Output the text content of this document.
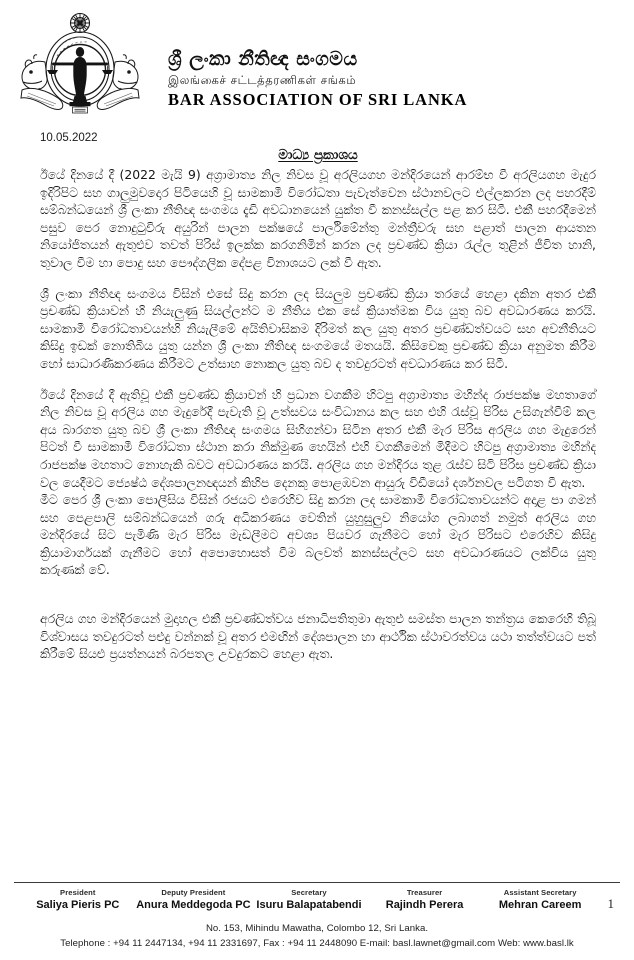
ශ්‍රී ලංකා නීතිඥ සංගමය
இலங்கைச் சட்டத்தரணிகள் சங்கம்
BAR ASSOCIATION OF SRI LANKA
10.05.2022
මාධ්‍ය ප්‍රකාශය

ඊයේ දිනයේ දී (2022 මැයි 9) අග්‍රාමාත්‍ය නිල නිවස වූ අරලියගහ මන්දිරයෙන් ආරම්භ වී අරලියගහ මැදුර ඉදිරිපිට සහ ගාලුමුවදොර පිටියෙහි වූ සාමකාමී විරෝධතා පැවැත්වෙන ස්ථානවලට එල්ලකරන ලද පහරදීම් සම්බන්ධයෙන් ශ්‍රී ලංකා නීතිඥ සංගමය දැඩි අවධානයෙන් යුක්ත වී කනස්සල්ල පළ කර සිටී. එකී පහරදීමෙන් පසුව පෙර නොදුටුවිරු අයුරින් පාලන පක්ෂයේ පාර්ලිමේන්තු මන්ත්‍රීවරු සහ පළාත් පාලන ආයතන නියෝජිතයන් ඇතුළුව තවත් පිරිස් ඉලක්ක කරගනිමින් කරන ලද ප්‍රචණ්ඩ ක්‍රියා රැල්ල තුළින් ජීවිත හානි, තුවාල වීම හා පොදු සහ පෞද්ගලික දේපළ විනාශයට ලක් වී ඇත.

ශ්‍රී ලංකා නීතිඥ සංගමය විසින් එසේ සිදු කරන ලද සියලුම ප්‍රචණ්ඩ ක්‍රියා තරයේ හෙළා දකින අතර එකී ප්‍රචණ්ඩ ක්‍රියාවන් හි නියැලුණු සියල්ලන්ට ම නීතිය එක සේ ක්‍රියාත්මක විය යුතු බව අවධාරණය කරයි. සාමකාමී විරෝධතාවයන්හි නියැලීමේ අයිතිවාසිකම දිරිමත් කල යුතු අතර ප්‍රචණ්ඩත්වයට සහ අවනීතියට කිසිදු ඉඩක් නොතිබිය යුතු යන්න ශ්‍රී ලංකා නීතිඥ සංගමයේ මතයයි. කිසිවෙකු ප්‍රචණ්ඩ ක්‍රියා අනුමත කිරීම හෝ සාධාරණීකරණය කිරීමට උත්සාහ නොකල යුතු බව ද තවදුරටත් අවධාරණය කර සිටී.

ඊයේ දිනයේ දී ඇතිවූ එකී ප්‍රචණ්ඩ ක්‍රියාවන් හි ප්‍රධාන වගකීම හිටපු අග්‍රාමාත්‍ය මහින්ද රාජපක්ෂ මහතාගේ නිල නිවස වූ අරලිය ගහ මැදුරේදී පැවැති වූ උත්සවය සංවිධානය කල සහ එහි රැස්වූ පිරිස උසිගැන්වීම් කල අය බාරගත යුතු බව ශ්‍රී ලංකා නීතිඥ සංගමය සිහිගන්වා සිටින අතර එකී මැර පිරිස අරලිය ගහ මැදුරෙන් පිටත් වී සාමකාමී විරෝධතා ස්ථාන කරා නික්මුණ හෙයින් එහි වගකීමෙන් මිදීමට හිටපු අග්‍රාමාත්‍ය මහින්ද රාජපක්ෂ මහතාට නොහැකි බවට අවධාරණය කරයි. අරලිය ගහ මන්දිරය තුළ රැස්ව සිටි පිරිස ප්‍රචණ්ඩ ක්‍රියා වල යෙදීමට ජ්‍යෙෂ්ඨ දේශපාලනඥයන් කිහිප දෙනකු පොළඹවන ආයුරු විඩීයෝ දර්ශනවල පටිගත වී ඇත.

මීට පෙර ශ්‍රී ලංකා පොලීසිය විසින් රජයට එරෙහිව සිදු කරන ලද සාමකාමී විරෝධතාවයන්ට අදාළ පා ගමන් සහ පෙළපාලි සම්බන්ධයෙන් ගරු අධිකරණය වෙතින් යුහුසුලුව නියෝග ලබාගත් නමුත් අරලිය ගහ මන්දිරයේ සිට පැමිණි මැර පිරිස මැඩලීමට අවශ්‍ය පියවර ගැනීමට හෝ මැර පිරිසට එරෙහිව කිසිදු ක්‍රියාමාර්ගයක් ගැනීමට හෝ අපොහොසත් වීම බලවත් කනස්සල්ලට සහ අවධාරණයට ලක්විය යුතු කරුණක් වේ.

අරලිය ගහ මන්දිරයෙන් මුදාහල එකී ප්‍රචණ්ඩත්වය ජනාධිපතිතුමා ඇතුළු සමස්ත පාලන තන්ත්‍රය කෙරෙහි තිබූ විශ්වාසය තවදුරටත් පළුදු වන්නක් වූ අතර එමඟින් දේශපාලන හා ආර්ථික ස්ථාවරත්වය යථා තත්ත්වයට පත් කිරීමේ සියළු ප්‍රයත්නයන් බරපතල උවදුරකට හෙළා ඇත.

President
Saliya Pieris PC
Deputy President
Anura Meddegoda PC
Secretary
Isuru Balapatabendi
Treasurer
Rajindh Perera
Assistant Secretary
Mehran Careem	1
No. 153, Mihindu Mawatha, Colombo 12, Sri Lanka.
Telephone : +94 11 2447134, +94 11 2331697, Fax : +94 11 2448090 E-mail: basl.lawnet@gmail.com Web: www.basl.lk
